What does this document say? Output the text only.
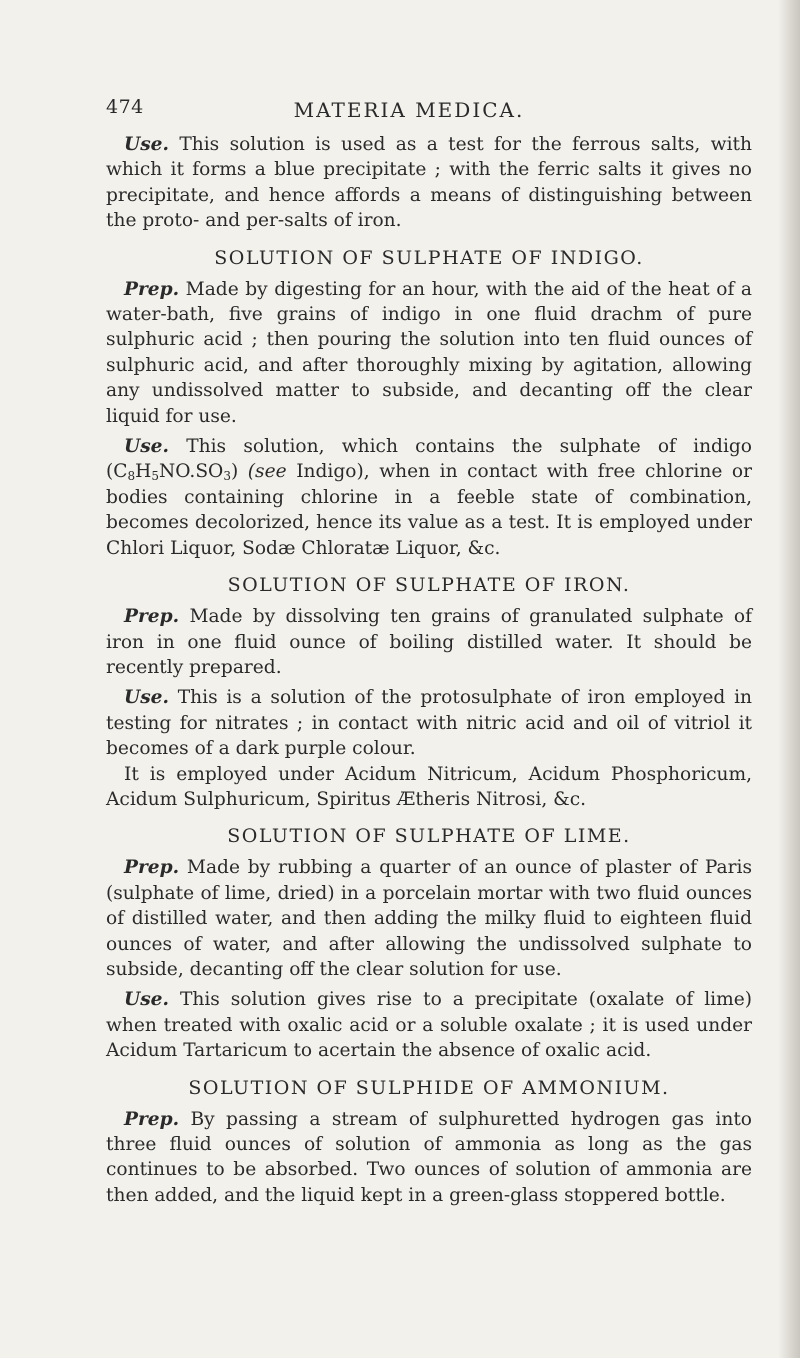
474	MATERIA MEDICA.

Use. This solution is used as a test for the ferrous salts, with which it forms a blue precipitate ; with the ferric salts it gives no precipitate, and hence affords a means of distinguishing between the proto- and per-salts of iron.

SOLUTION OF SULPHATE OF INDIGO.

Prep. Made by digesting for an hour, with the aid of the heat of a water-bath, five grains of indigo in one fluid drachm of pure sulphuric acid ; then pouring the solution into ten fluid ounces of sulphuric acid, and after thoroughly mixing by agitation, allowing any undissolved matter to subside, and decanting off the clear liquid for use.

Use. This solution, which contains the sulphate of indigo $(C_8H_5NO.SO_3)$ (see Indigo), when in contact with free chlorine or bodies containing chlorine in a feeble state of combination, becomes decolorized, hence its value as a test. It is employed under Chlori Liquor, Sodæ Chloratæ Liquor, &c.

SOLUTION OF SULPHATE OF IRON.

Prep. Made by dissolving ten grains of granulated sulphate of iron in one fluid ounce of boiling distilled water. It should be recently prepared.

Use. This is a solution of the protosulphate of iron employed in testing for nitrates ; in contact with nitric acid and oil of vitriol it becomes of a dark purple colour.

It is employed under Acidum Nitricum, Acidum Phosphoricum, Acidum Sulphuricum, Spiritus Ætheris Nitrosi, &c.

SOLUTION OF SULPHATE OF LIME.

Prep. Made by rubbing a quarter of an ounce of plaster of Paris (sulphate of lime, dried) in a porcelain mortar with two fluid ounces of distilled water, and then adding the milky fluid to eighteen fluid ounces of water, and after allowing the undissolved sulphate to subside, decanting off the clear solution for use.

Use. This solution gives rise to a precipitate (oxalate of lime) when treated with oxalic acid or a soluble oxalate ; it is used under Acidum Tartaricum to acertain the absence of oxalic acid.

SOLUTION OF SULPHIDE OF AMMONIUM.

Prep. By passing a stream of sulphuretted hydrogen gas into three fluid ounces of solution of ammonia as long as the gas continues to be absorbed. Two ounces of solution of ammonia are then added, and the liquid kept in a green-glass stoppered bottle.
